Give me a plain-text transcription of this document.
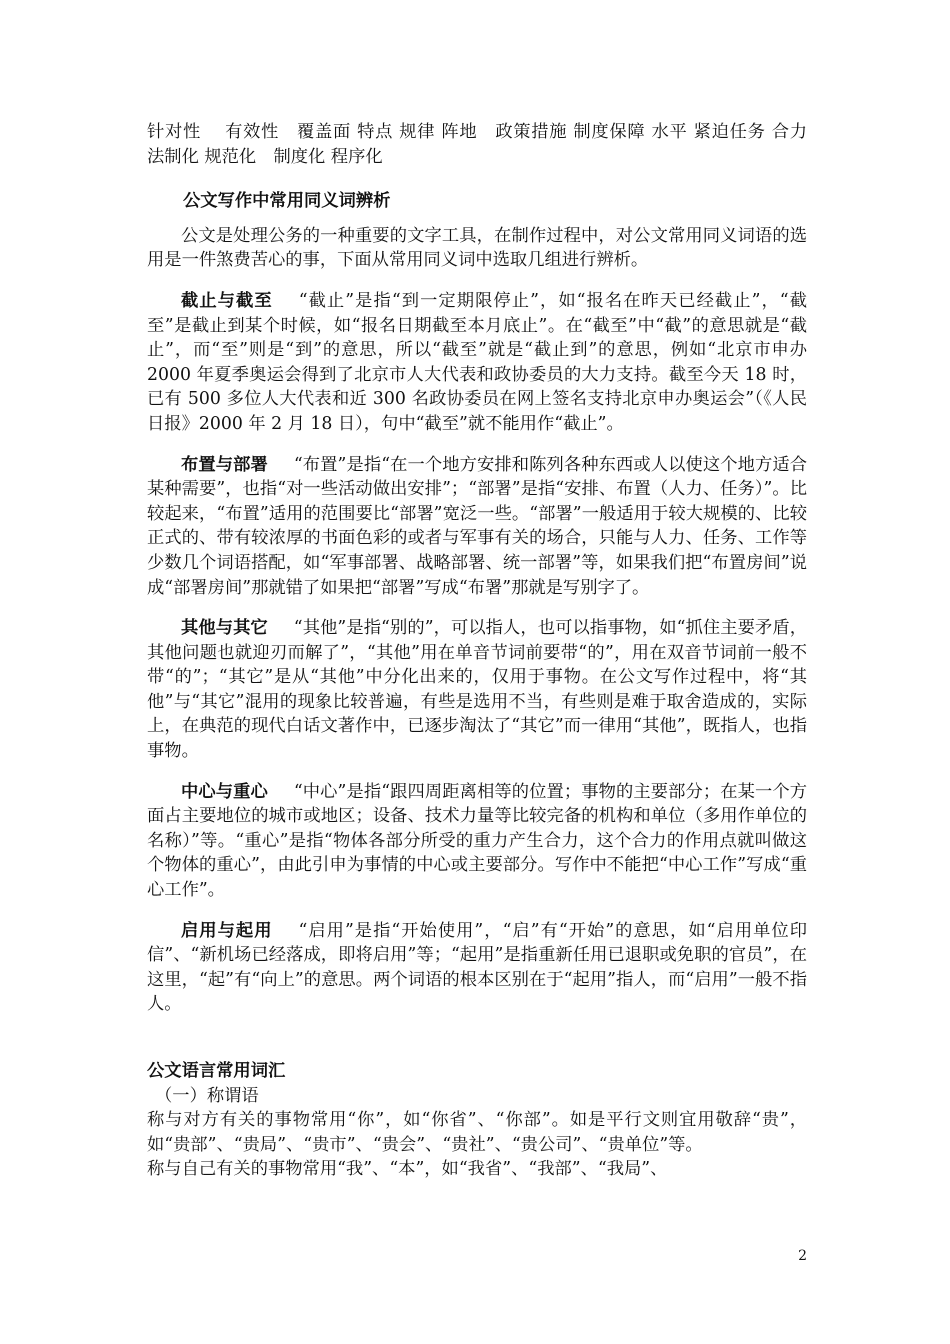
针对性　 有效性　覆盖面 特点 规律 阵地　政策措施 制度保障 水平 紧迫任务 合力　法制化 规范化　制度化 程序化

公文写作中常用同义词辨析

公文是处理公务的一种重要的文字工具，在制作过程中，对公文常用同义词语的选用是一件煞费苦心的事，下面从常用同义词中选取几组进行辨析。

截止与截至 “截止”是指“到一定期限停止”，如“报名在昨天已经截止”，“截至”是截止到某个时候，如“报名日期截至本月底止”。在“截至”中“截”的意思就是“截止”，而“至”则是“到”的意思，所以“截至”就是“截止到”的意思，例如“北京市申办 2000 年夏季奥运会得到了北京市人大代表和政协委员的大力支持。截至今天 18 时，已有 500 多位人大代表和近 300 名政协委员在网上签名支持北京申办奥运会”（《人民日报》2000 年 2 月 18 日），句中“截至”就不能用作“截止”。

布置与部署 “布置”是指“在一个地方安排和陈列各种东西或人以使这个地方适合某种需要”，也指“对一些活动做出安排”；“部署”是指“安排、布置（人力、任务）”。比较起来，“布置”适用的范围要比“部署”宽泛一些。“部署”一般适用于较大规模的、比较正式的、带有较浓厚的书面色彩的或者与军事有关的场合，只能与人力、任务、工作等少数几个词语搭配，如“军事部署、战略部署、统一部署”等，如果我们把“布置房间”说成“部署房间”那就错了如果把“部署”写成“布署”那就是写别字了。

其他与其它 “其他”是指“别的”，可以指人，也可以指事物，如“抓住主要矛盾，其他问题也就迎刃而解了”，“其他”用在单音节词前要带“的”，用在双音节词前一般不带“的”；“其它”是从“其他”中分化出来的，仅用于事物。在公文写作过程中，将“其他”与“其它”混用的现象比较普遍，有些是选用不当，有些则是难于取舍造成的，实际上，在典范的现代白话文著作中，已逐步淘汰了“其它”而一律用“其他”，既指人，也指事物。

中心与重心 “中心”是指“跟四周距离相等的位置；事物的主要部分；在某一个方面占主要地位的城市或地区；设备、技术力量等比较完备的机构和单位（多用作单位的名称）”等。“重心”是指“物体各部分所受的重力产生合力，这个合力的作用点就叫做这个物体的重心”，由此引申为事情的中心或主要部分。写作中不能把“中心工作”写成“重心工作”。

启用与起用 “启用”是指“开始使用”，“启”有“开始”的意思，如“启用单位印信”、“新机场已经落成，即将启用”等；“起用”是指重新任用已退职或免职的官员”，在这里，“起”有“向上”的意思。两个词语的根本区别在于“起用”指人，而“启用”一般不指人。

公文语言常用词汇

（一）称谓语

称与对方有关的事物常用“你”，如“你省”、“你部”。如是平行文则宜用敬辞“贵”，如“贵部”、“贵局”、“贵市”、“贵会”、“贵社”、“贵公司”、“贵单位”等。

称与自己有关的事物常用“我”、“本”，如“我省”、“我部”、“我局”、

2
